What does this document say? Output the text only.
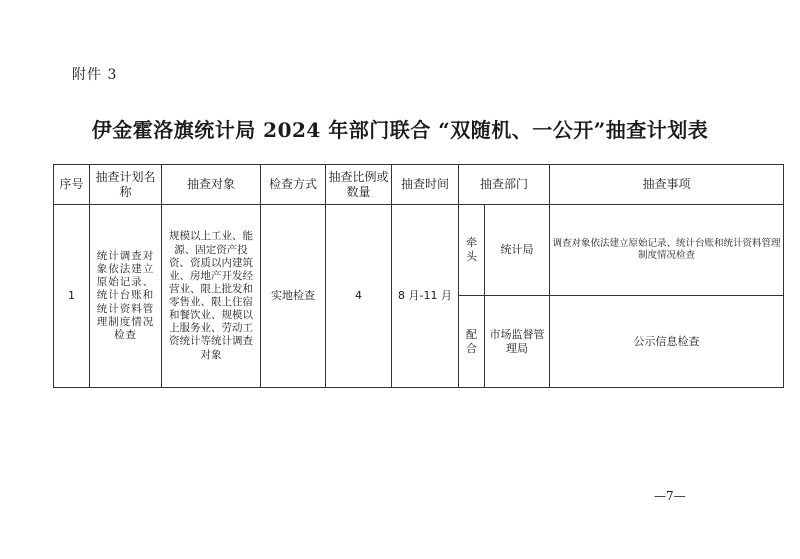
附件 3
伊金霍洛旗统计局 2024 年部门联合 “双随机、一公开”抽查计划表
序号	抽查计划名称	抽查对象	检查方式	抽查比例或数量	抽查时间	抽查部门		抽查事项
1	统计调查对象依法建立原始记录、统计台账和统计资料管理制度情况检查	规模以上工业、能源、固定资产投资、资质以内建筑业、房地产开发经营业、限上批发和零售业、限上住宿和餐饮业、规模以上服务业、劳动工资统计等统计调查对象	实地检查	4	8 月-11 月	牵头	统计局	调查对象依法建立原始记录、统计台账和统计资料管理制度情况检查
						配合	市场监督管理局	公示信息检查
—7—
